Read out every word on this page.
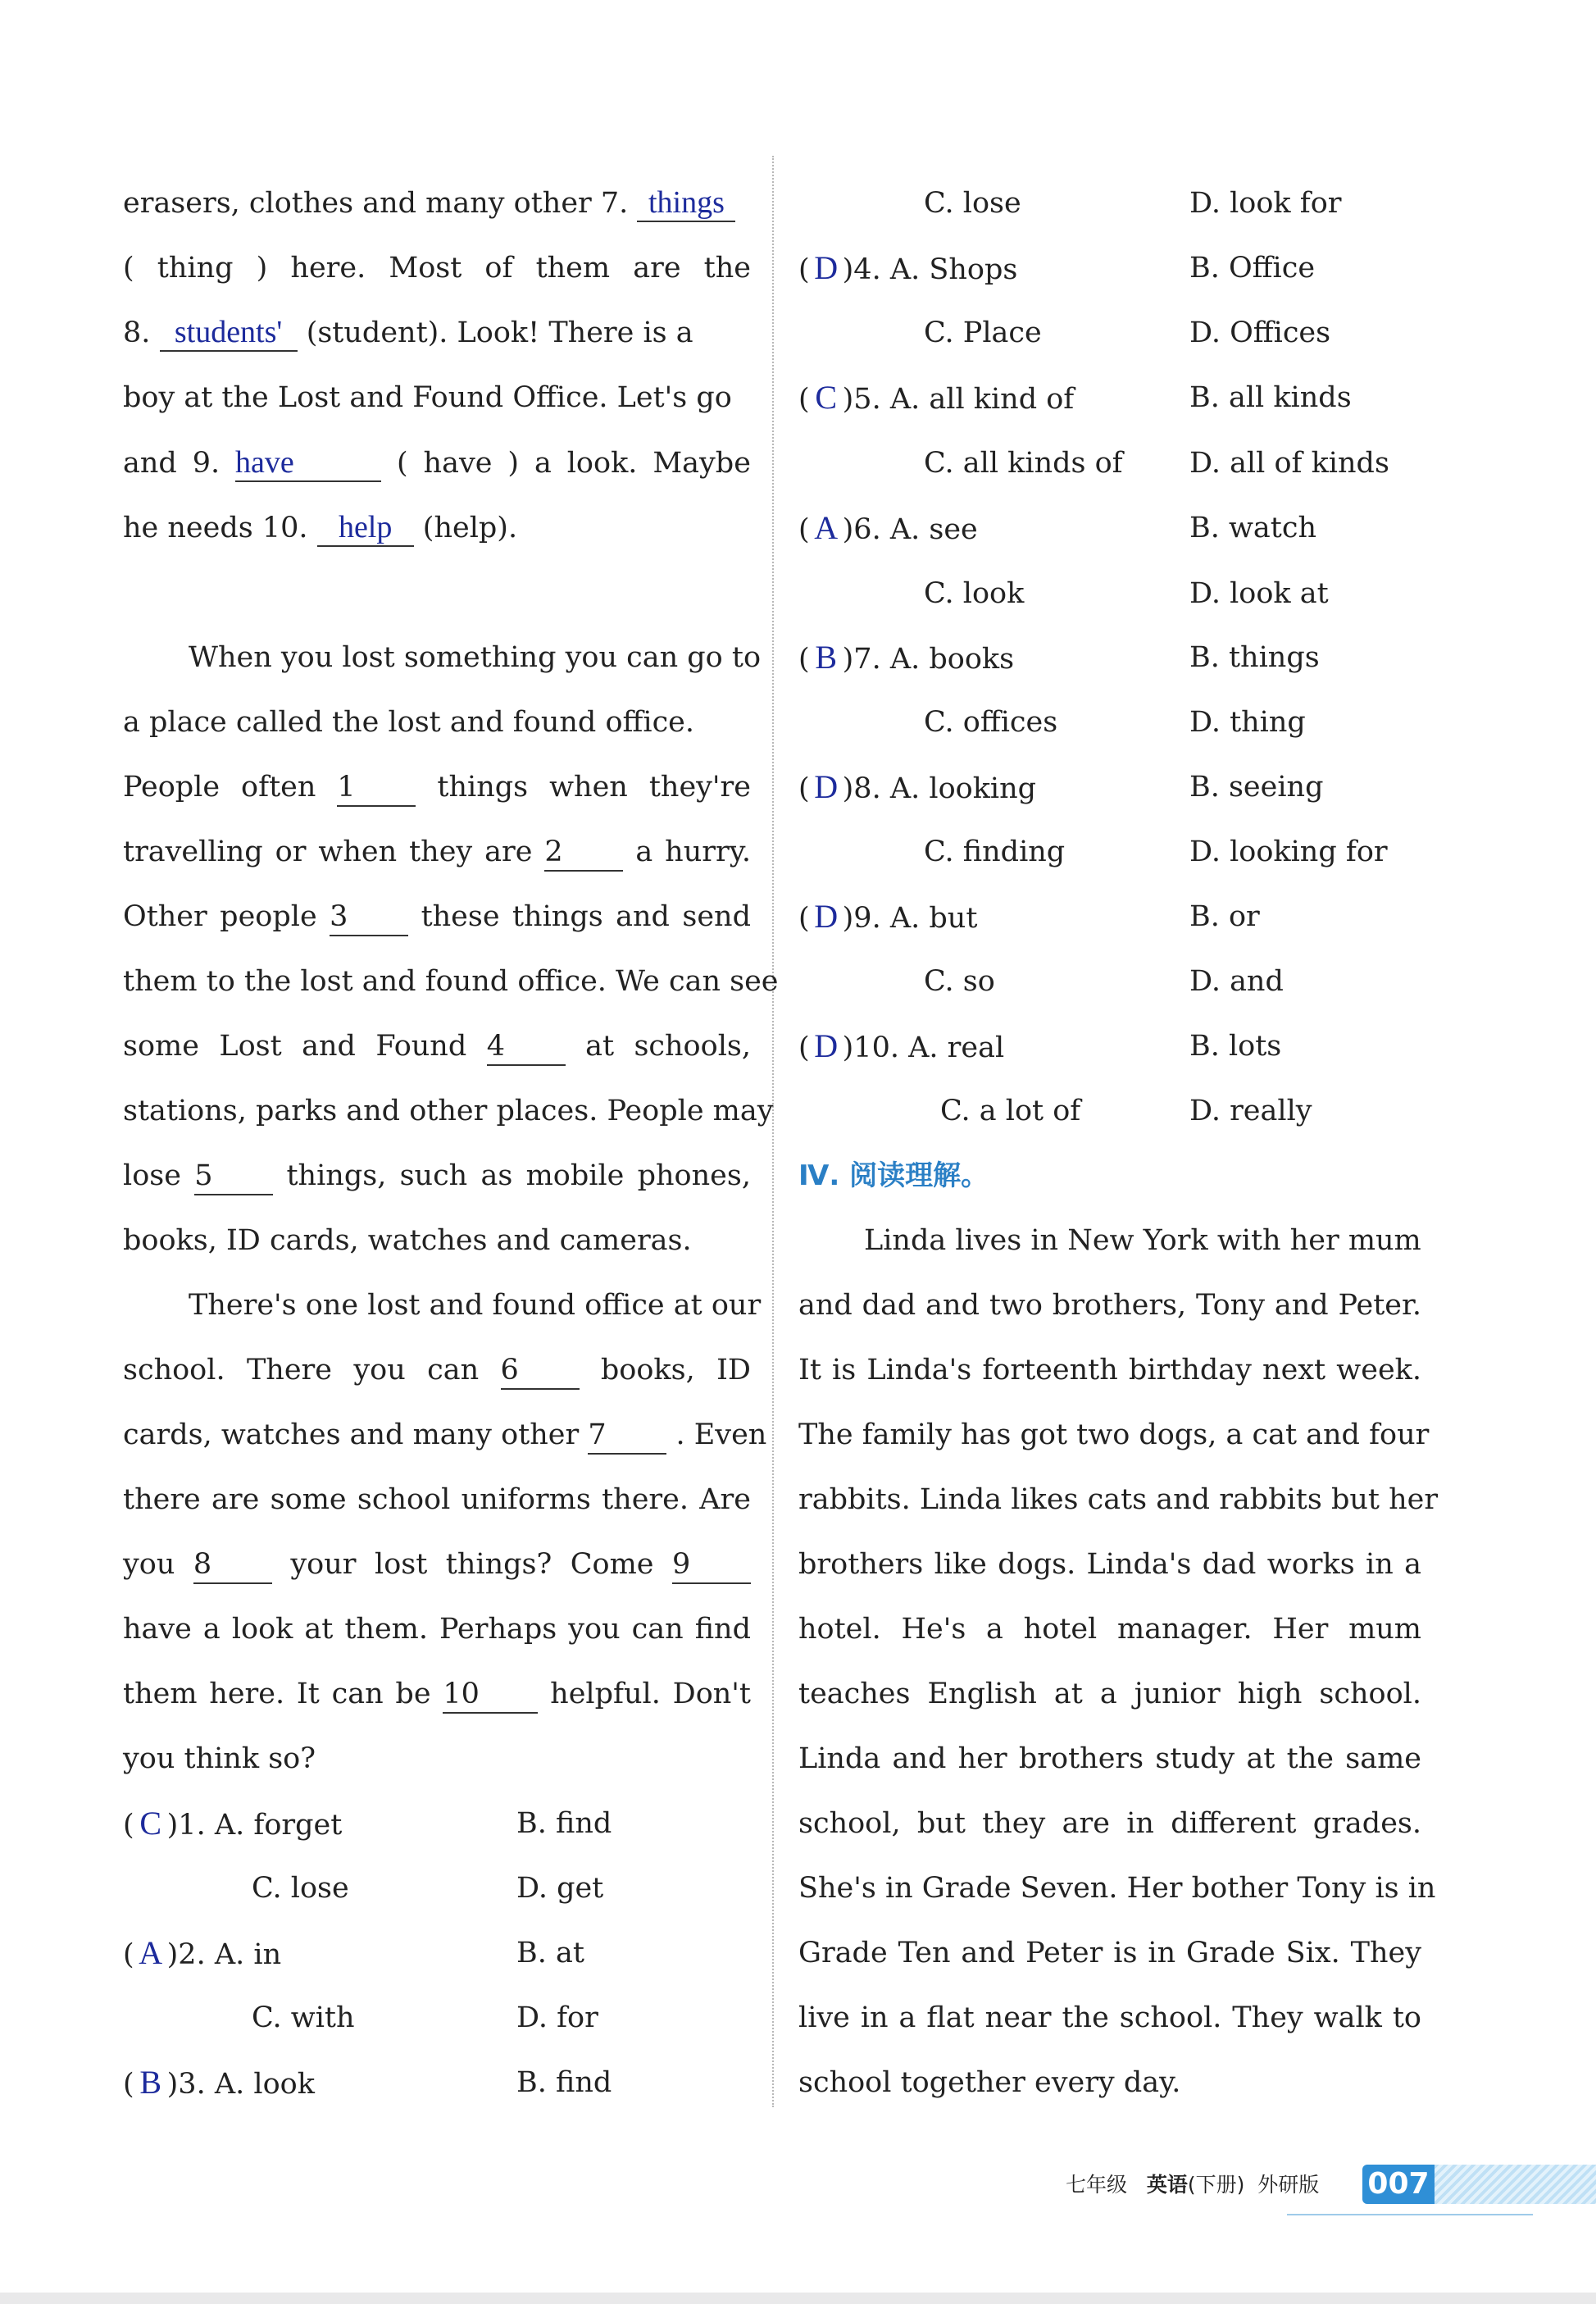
erasers, clothes and many other 7. things
( thing ) here. Most of them are the
8. students' (student). Look! There is a
boy at the Lost and Found Office. Let's go
and 9. have	( have ) a look. Maybe
he needs 10. help (help).
When you lost something you can go to
a place called the lost and found office.
People often 1	things when they're
travelling or when they are 2	a hurry.
Other people 3	these things and send
them to the lost and found office. We can see
some Lost and Found 4	at schools,
stations, parks and other places. People may
lose 5	things, such as mobile phones,
books, ID cards, watches and cameras.
There's one lost and found office at our
school. There you can 6	books, ID
cards, watches and many other 7 . Even
there are some school uniforms there. Are
you 8	your lost things? Come 9
have a look at them. Perhaps you can find
them here. It can be 10 helpful. Don't
you think so?
( C )1. A. forget	B. find
C. lose	D. get
( A )2. A. in	B. at
C. with	D. for
( B )3. A. look	B. find
C. lose	D. look for
( D )4. A. Shops	B. Office
C. Place	D. Offices
( C )5. A. all kind of	B. all kinds
C. all kinds of D. all of kinds
( A )6. A. see	B. watch
C. look	D. look at
( B )7. A. books	B. things
C. offices	D. thing
( D )8. A. looking	B. seeing
C. finding	D. looking for
( D )9. A. but	B. or
C. so	D. and
( D )10. A. real	B. lots
C. a lot of	D. really
Ⅳ. 阅读理解。
Linda lives in New York with her mum
and dad and two brothers, Tony and Peter.
It is Linda's forteenth birthday next week.
The family has got two dogs, a cat and four
rabbits. Linda likes cats and rabbits but her
brothers like dogs. Linda's dad works in a
hotel. He's a hotel manager. Her mum
teaches English at a junior high school.
Linda and her brothers study at the same
school, but they are in different grades.
She's in Grade Seven. Her bother Tony is in
Grade Ten and Peter is in Grade Six. They
live in a flat near the school. They walk to
school together every day.
七年级 英语(下册) 外研版 007
